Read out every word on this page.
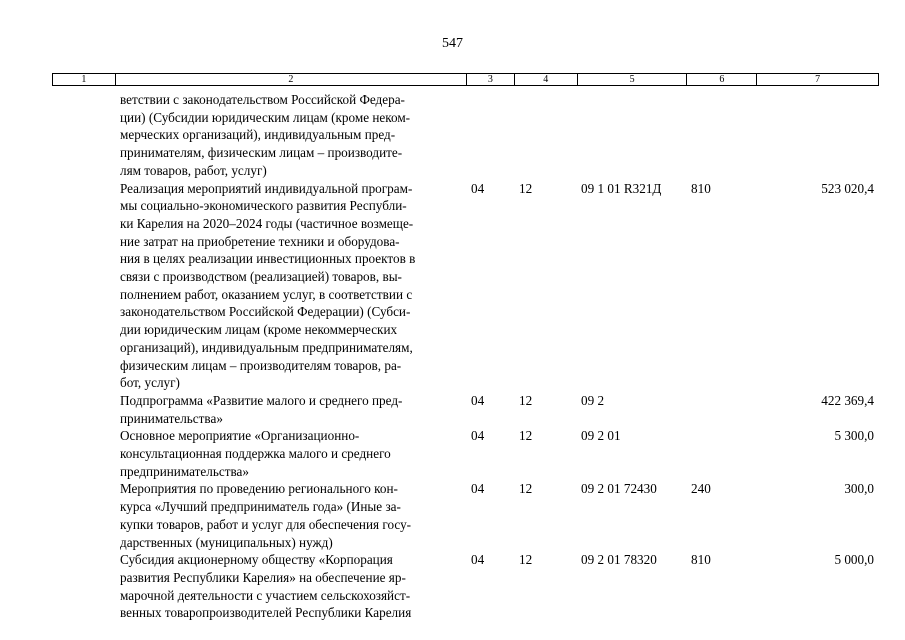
547
1	2	3	4	5	6	7
ветствии с законодательством Российской Федера-
ции) (Субсидии юридическим лицам (кроме неком-
мерческих организаций), индивидуальным пред-
принимателям, физическим лицам – производите-
лям товаров, работ, услуг)
Реализация мероприятий индивидуальной програм-
мы социально-экономического развития Республи-
ки Карелия на 2020–2024 годы (частичное возмеще-
ние затрат на приобретение техники и оборудова-
ния в целях реализации инвестиционных проектов в
связи с производством (реализацией) товаров, вы-
полнением работ, оказанием услуг, в соответствии с
законодательством Российской Федерации) (Субси-
дии юридическим лицам (кроме некоммерческих
организаций), индивидуальным предпринимателям,
физическим лицам – производителям товаров, ра-
бот, услуг)
04	12	09 1 01 R321Д 810	523 020,4
Подпрограмма «Развитие малого и среднего пред-
принимательства»
04	12	09 2	422 369,4
Основное мероприятие «Организационно-
консультационная поддержка малого и среднего
предпринимательства»
04	12	09 2 01	5 300,0
Мероприятия по проведению регионального кон-
курса «Лучший предприниматель года» (Иные за-
купки товаров, работ и услуг для обеспечения госу-
дарственных (муниципальных) нужд)
04	12	09 2 01 72430	240	300,0
Субсидия акционерному обществу «Корпорация
развития Республики Карелия» на обеспечение яр-
марочной деятельности с участием сельскохозяйст-
венных товаропроизводителей Республики Карелия
04	12	09 2 01 78320	810	5 000,0
